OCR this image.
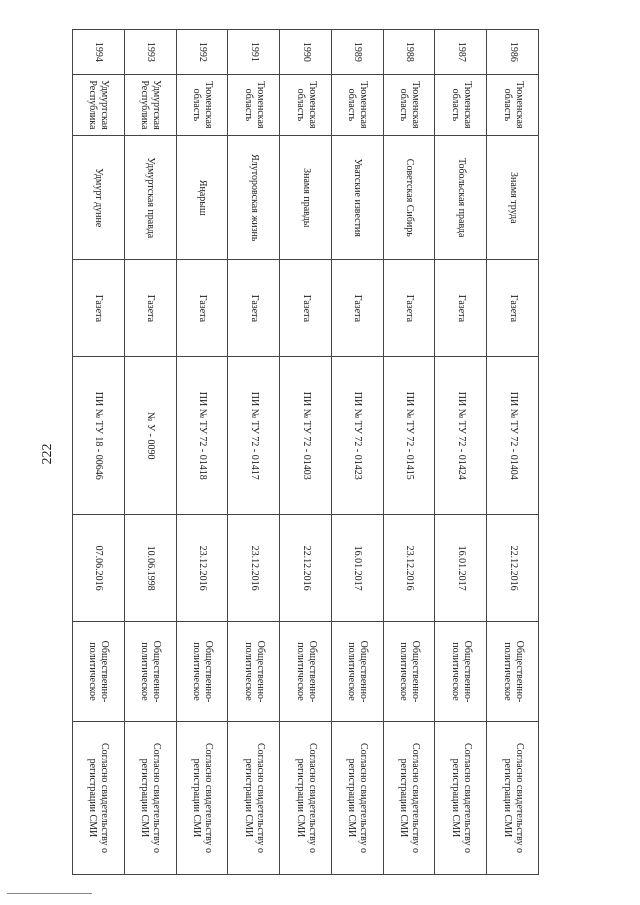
222
1986	Тюменская область	Знамя труда	Газета	ПИ № ТУ 72 - 01404	22.12.2016	Общественно-политическое	Согласно свидетельству о регистрации СМИ
1987	Тюменская область	Тобольская правда	Газета	ПИ № ТУ 72 - 01424	16.01.2017	Общественно-политическое	Согласно свидетельству о регистрации СМИ
1988	Тюменская область	Советская Сибирь	Газета	ПИ № ТУ 72 - 01415	23.12.2016	Общественно-политическое	Согласно свидетельству о регистрации СМИ
1989	Тюменская область	Уватские известия	Газета	ПИ № ТУ 72 - 01423	16.01.2017	Общественно-политическое	Согласно свидетельству о регистрации СМИ
1990	Тюменская область	Знамя правды	Газета	ПИ № ТУ 72 - 01403	22.12.2016	Общественно-политическое	Согласно свидетельству о регистрации СМИ
1991	Тюменская область	Ялуторовская жизнь	Газета	ПИ № ТУ 72 - 01417	23.12.2016	Общественно-политическое	Согласно свидетельству о регистрации СМИ
1992	Тюменская область	Яңарыш	Газета	ПИ № ТУ 72 - 01418	23.12.2016	Общественно-политическое	Согласно свидетельству о регистрации СМИ
1993	Удмуртская Республика	Удмуртская правда	Газета	№ У - 0090	10.06.1998	Общественно-политическое	Согласно свидетельству о регистрации СМИ
1994	Удмуртская Республика	Удмурт дунне	Газета	ПИ № ТУ 18 - 00646	07.06.2016	Общественно-политическое	Согласно свидетельству о регистрации СМИ
